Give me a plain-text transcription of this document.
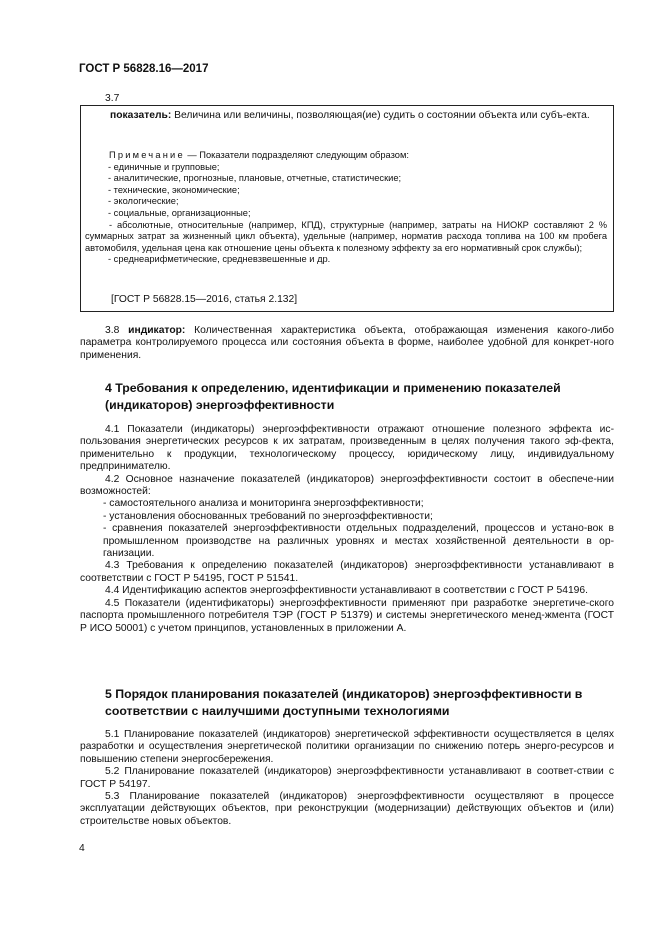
ГОСТ Р 56828.16—2017
3.7

показатель: Величина или величины, позволяющая(ие) судить о состоянии объекта или субъ-екта.

Примечание — Показатели подразделяют следующим образом:

- единичные и групповые;

- аналитические, прогнозные, плановые, отчетные, статистические;

- технические, экономические;

- экологические;

- социальные, организационные;

- абсолютные, относительные (например, КПД), структурные (например, затраты на НИОКР составляют 2 % суммарных затрат за жизненный цикл объекта), удельные (например, норматив расхода топлива на 100 км пробега автомобиля, удельная цена как отношение цены объекта к полезному эффекту за его нормативный срок службы);

- среднеарифметические, средневзвешенные и др.

[ГОСТ Р 56828.15—2016, статья 2.132]

3.8 индикатор: Количественная характеристика объекта, отображающая изменения какого-либо параметра контролируемого процесса или состояния объекта в форме, наиболее удобной для конкрет-ного применения.

4 Требования к определению, идентификации и применению показателей (индикаторов) энергоэффективности

4.1 Показатели (индикаторы) энергоэффективности отражают отношение полезного эффекта ис-пользования энергетических ресурсов к их затратам, произведенным в целях получения такого эф-фекта, применительно к продукции, технологическому процессу, юридическому лицу, индивидуальному предпринимателю.

4.2 Основное назначение показателей (индикаторов) энергоэффективности состоит в обеспече-нии возможностей:

- самостоятельного анализа и мониторинга энергоэффективности;

- установления обоснованных требований по энергоэффективности;

- сравнения показателей энергоэффективности отдельных подразделений, процессов и устано-вок в промышленном производстве на различных уровнях и местах хозяйственной деятельности в ор-ганизации.

4.3 Требования к определению показателей (индикаторов) энергоэффективности устанавливают в соответствии с ГОСТ Р 54195, ГОСТ Р 51541.

4.4 Идентификацию аспектов энергоэффективности устанавливают в соответствии с ГОСТ Р 54196.

4.5 Показатели (идентификаторы) энергоэффективности применяют при разработке энергетиче-ского паспорта промышленного потребителя ТЭР (ГОСТ Р 51379) и системы энергетического менед-жмента (ГОСТ Р ИСО 50001) с учетом принципов, установленных в приложении А.

5 Порядок планирования показателей (индикаторов) энергоэффективности в соответствии с наилучшими доступными технологиями

5.1 Планирование показателей (индикаторов) энергетической эффективности осуществляется в целях разработки и осуществления энергетической политики организации по снижению потерь энерго-ресурсов и повышению степени энергосбережения.

5.2 Планирование показателей (индикаторов) энергоэффективности устанавливают в соответ-ствии с ГОСТ Р 54197.

5.3 Планирование показателей (индикаторов) энергоэффективности осуществляют в процессе эксплуатации действующих объектов, при реконструкции (модернизации) действующих объектов и (или) строительстве новых объектов.

4
